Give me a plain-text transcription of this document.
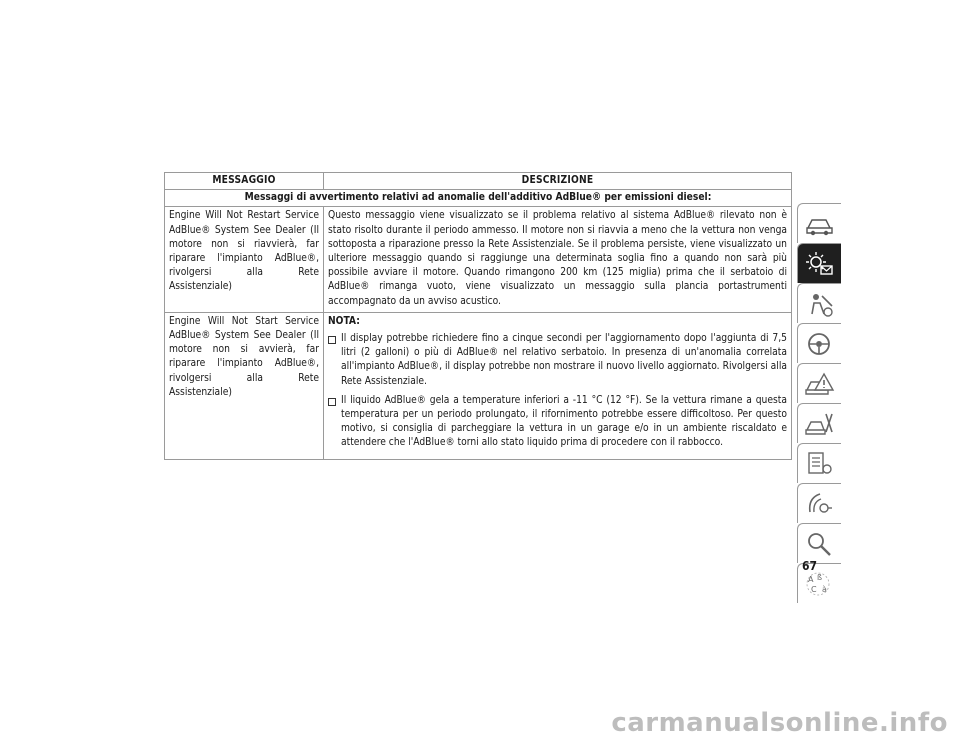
MESSAGGIO	DESCRIZIONE
Messaggi di avvertimento relativi ad anomalie dell'additivo AdBlue® per emissioni diesel:	
Engine Will Not Restart Service AdBlue® System See Dealer (Il motore non si riavvierà, far riparare l'impianto AdBlue®, rivolgersi alla Rete Assistenziale)	Questo messaggio viene visualizzato se il problema relativo al sistema AdBlue® rilevato non è stato risolto durante il periodo ammesso. Il motore non si riavvia a meno che la vettura non venga sottoposta a riparazione presso la Rete Assistenziale. Se il problema persiste, viene visualizzato un ulteriore messaggio quando si raggiunge una determinata soglia fino a quando non sarà più possibile avviare il motore. Quando rimangono 200 km (125 miglia) prima che il serbatoio di AdBlue® rimanga vuoto, viene visualizzato un messaggio sulla plancia portastrumenti accompagnato da un avviso acustico.
Engine Will Not Start Service AdBlue® System See Dealer (Il motore non si avvierà, far riparare l'impianto AdBlue®, rivolgersi alla Rete Assistenziale)	NOTA:
Il display potrebbe richiedere fino a cinque secondi per l'aggiornamento dopo l'aggiunta di 7,5 litri (2 galloni) o più di AdBlue® nel relativo serbatoio. In presenza di un'anomalia correlata all'impianto AdBlue®, il display potrebbe non mostrare il nuovo livello aggiornato. Rivolgersi alla Rete Assistenziale.
Il liquido AdBlue® gela a temperature inferiori a -11 °C (12 °F). Se la vettura rimane a questa temperatura per un periodo prolungato, il rifornimento potrebbe essere difficoltoso. Per questo motivo, si consiglia di parcheggiare la vettura in un garage e/o in un ambiente riscaldato e attendere che l'AdBlue® torni allo stato liquido prima di procedere con il rabbocco.
A ß
C à
67
carmanualsonline.info
